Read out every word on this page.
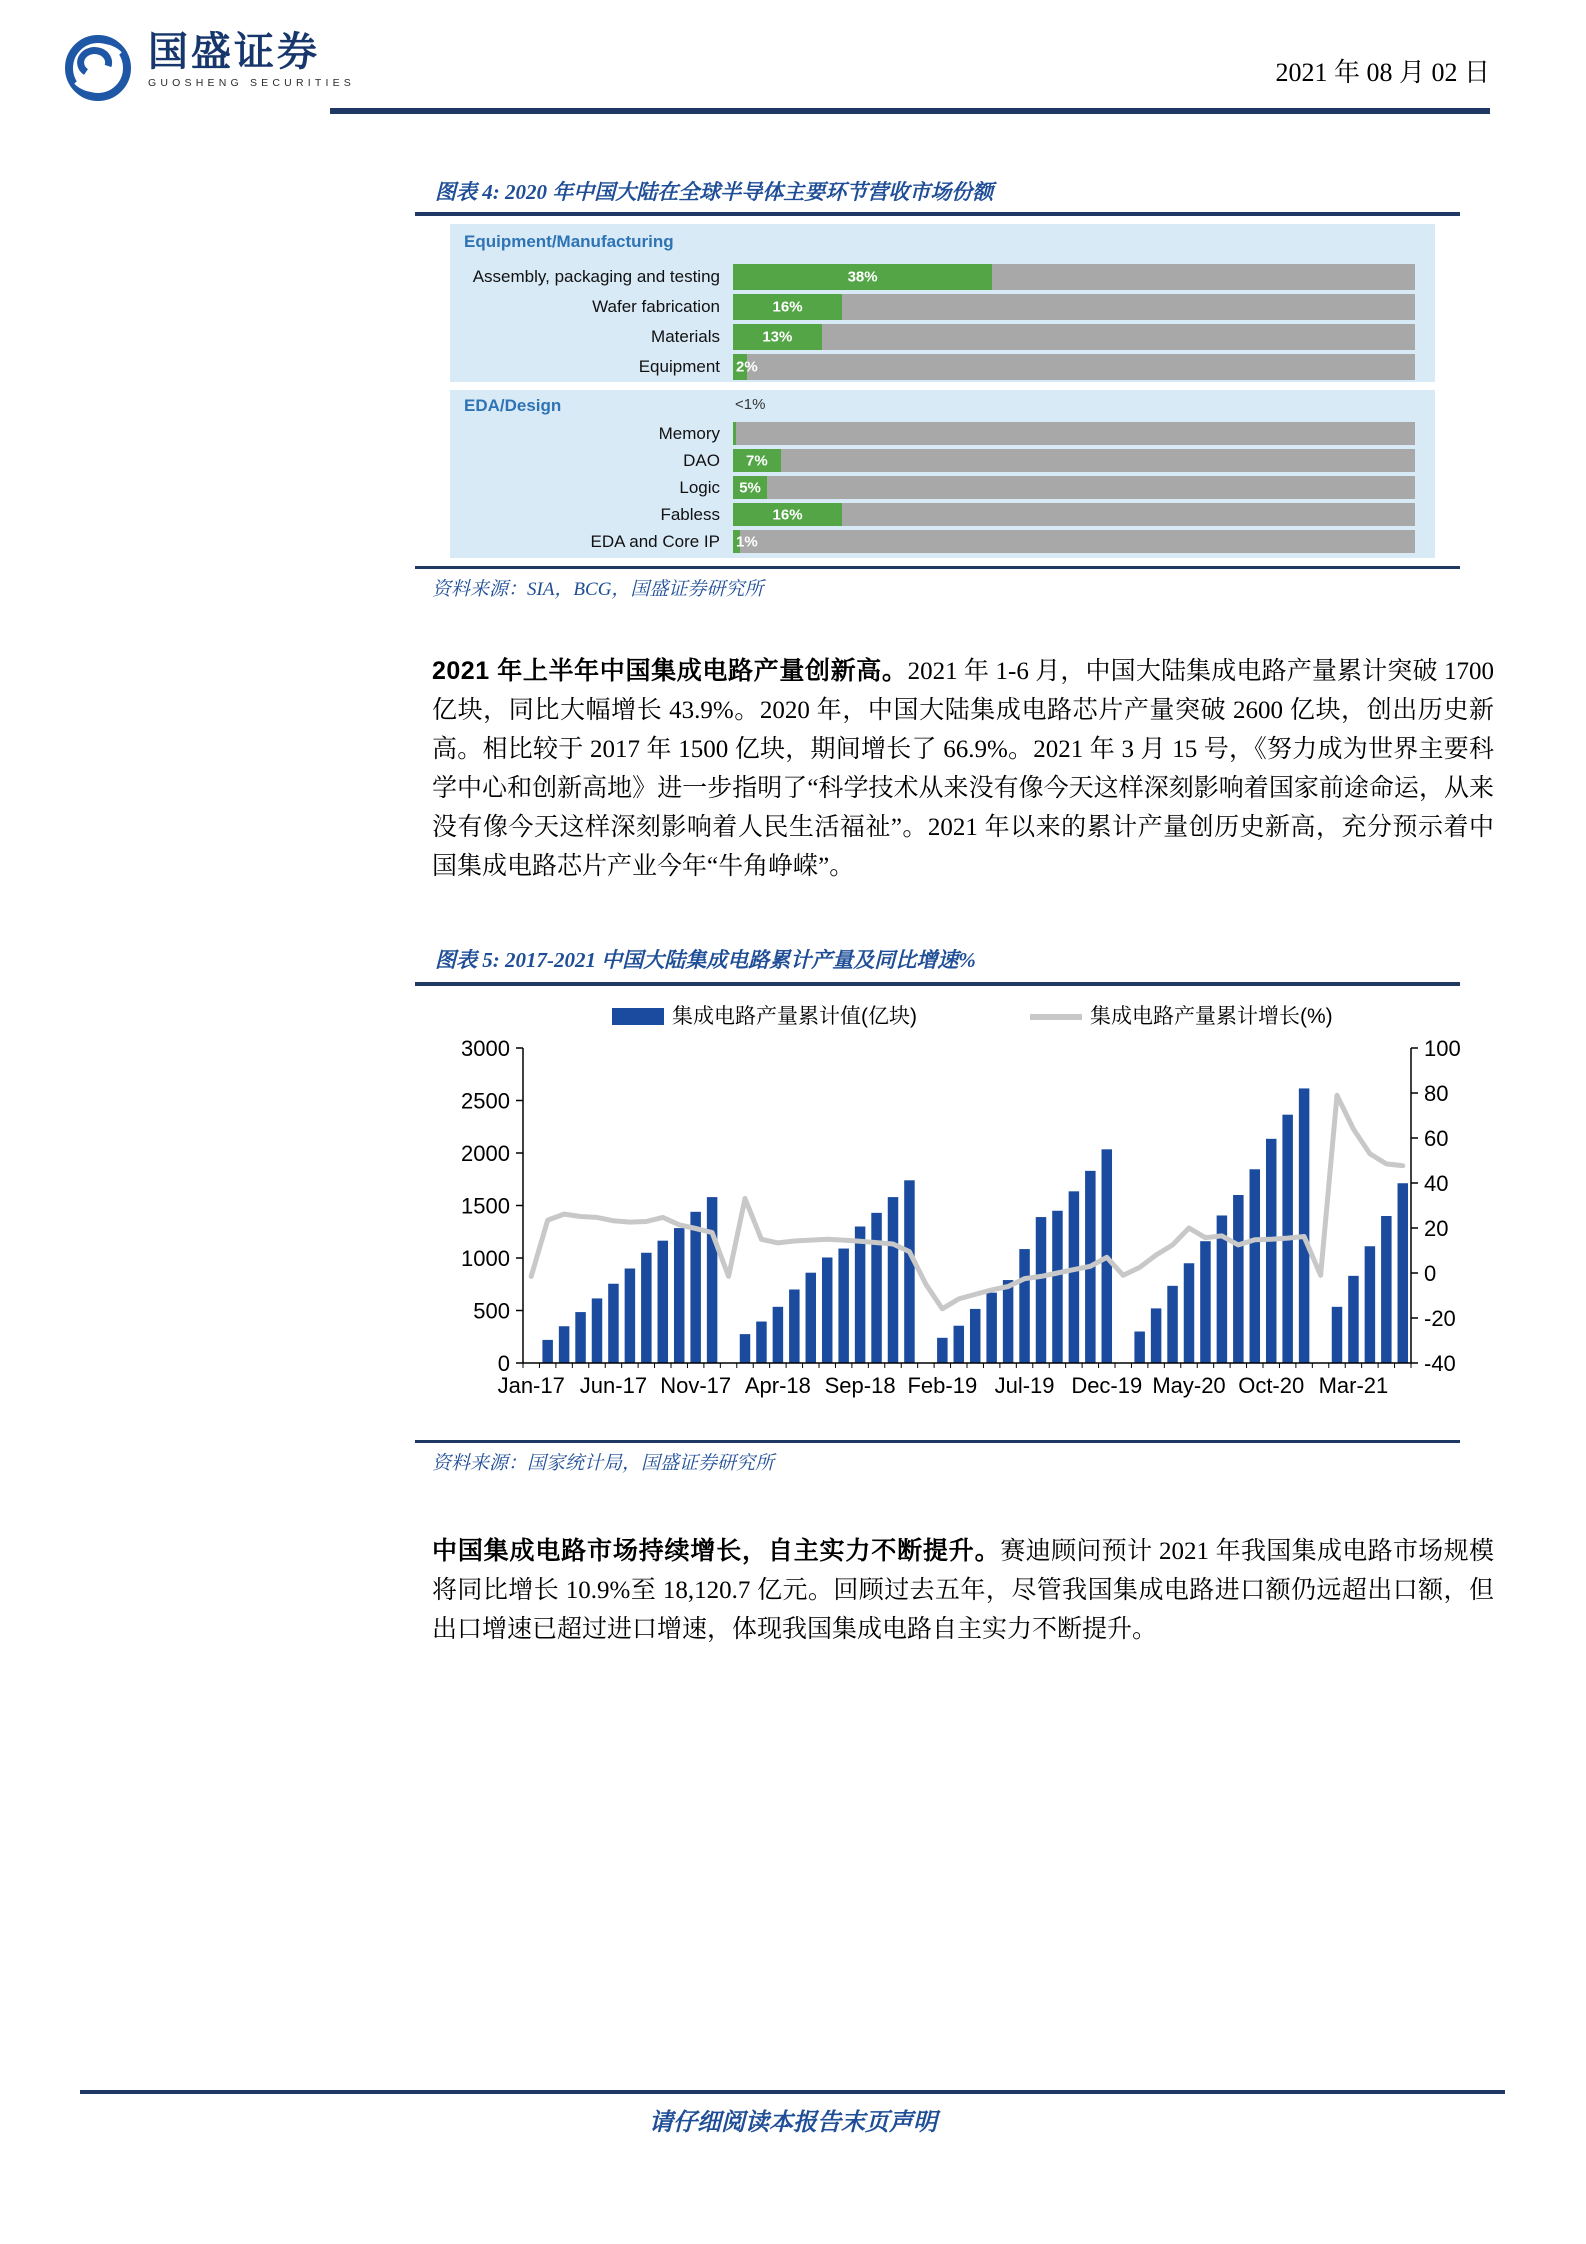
国盛证券
GUOSHENG SECURITIES	2021 年 08 月 02 日
图表 4: 2020 年中国大陆在全球半导体主要环节营收市场份额
Equipment/Manufacturing
Assembly, packaging and testing	38%
Wafer fabrication	16%
Materials	13%
Equipment 2%
EDA/Design	<1%
Memory
DAO 7%
Logic 5%
Fabless	16%
EDA and Core IP 1%
资料来源：SIA，BCG，国盛证券研究所
2021 年上半年中国集成电路产量创新高。2021 年 1-6 月，中国大陆集成电路产量累计突破 1700 亿块，同比大幅增长 43.9%。2020 年，中国大陆集成电路芯片产量突破 2600 亿块，创出历史新高。相比较于 2017 年 1500 亿块，期间增长了 66.9%。2021 年 3 月 15 号，《努力成为世界主要科学中心和创新高地》进一步指明了“科学技术从来没有像今天这样深刻影响着国家前途命运，从来没有像今天这样深刻影响着人民生活福祉”。2021 年以来的累计产量创历史新高，充分预示着中国集成电路芯片产业今年“牛角峥嵘”。
图表 5: 2017-2021 中国大陆集成电路累计产量及同比增速%
集成电路产量累计值(亿块)	集成电路产量累计增长(%)
0
500
1000
1500
2000
2500
3000
-40
-20
0
20
40
60
80
100
Jan-17 Jun-17 Nov-17 Apr-18 Sep-18 Feb-19 Jul-19 Dec-19 May-20 Oct-20 Mar-21
资料来源：国家统计局，国盛证券研究所
中国集成电路市场持续增长，自主实力不断提升。赛迪顾问预计 2021 年我国集成电路市场规模将同比增长 10.9%至 18,120.7 亿元。回顾过去五年，尽管我国集成电路进口额仍远超出口额，但出口增速已超过进口增速，体现我国集成电路自主实力不断提升。
请仔细阅读本报告末页声明
